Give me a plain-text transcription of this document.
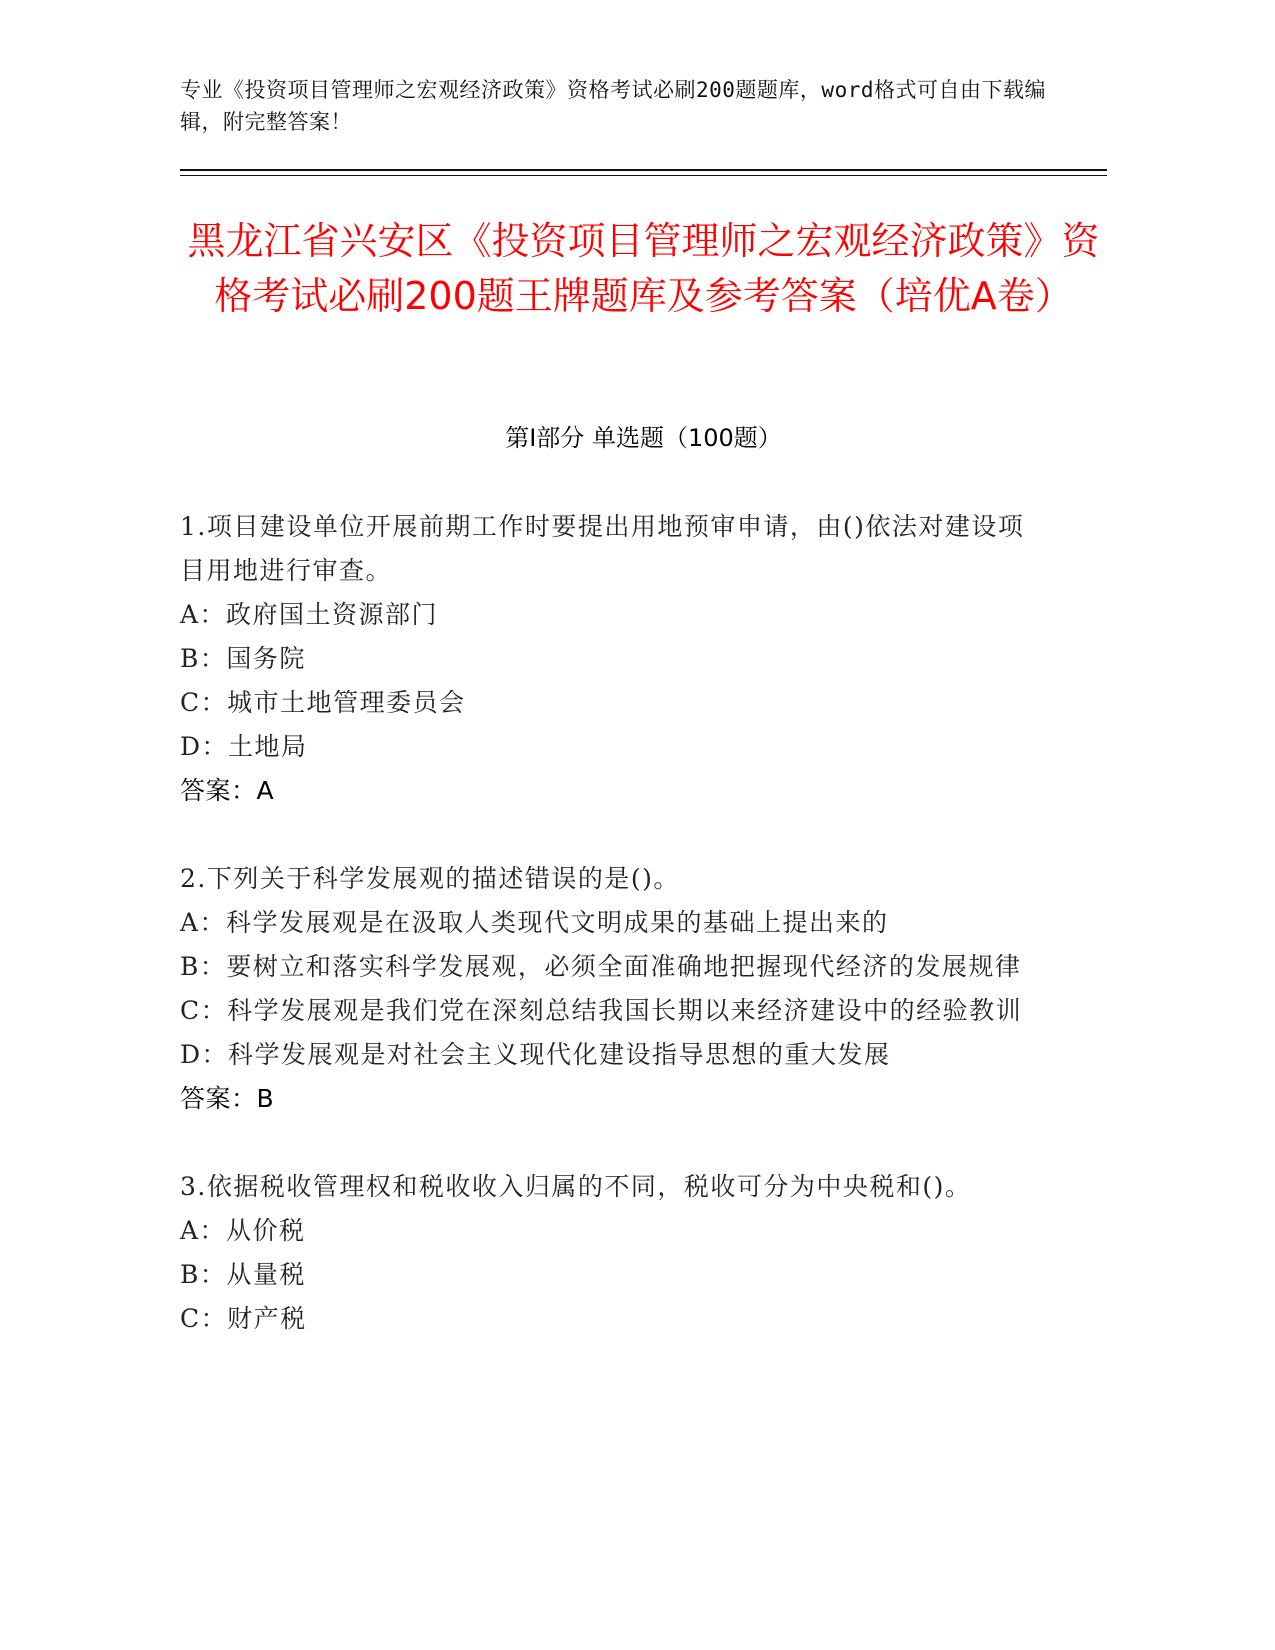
专业《投资项目管理师之宏观经济政策》资格考试必刷200题题库，word格式可自由下载编辑，附完整答案！
黑龙江省兴安区《投资项目管理师之宏观经济政策》资格考试必刷200题王牌题库及参考答案（培优A卷）
第I部分 单选题（100题）

1.项目建设单位开展前期工作时要提出用地预审申请，由()依法对建设项目用地进行审查。

A：政府国土资源部门

B：国务院

C：城市土地管理委员会

D：土地局

答案：A

2.下列关于科学发展观的描述错误的是()。

A：科学发展观是在汲取人类现代文明成果的基础上提出来的

B：要树立和落实科学发展观，必须全面准确地把握现代经济的发展规律

C：科学发展观是我们党在深刻总结我国长期以来经济建设中的经验教训

D：科学发展观是对社会主义现代化建设指导思想的重大发展

答案：B

3.依据税收管理权和税收收入归属的不同，税收可分为中央税和()。

A：从价税

B：从量税

C：财产税
